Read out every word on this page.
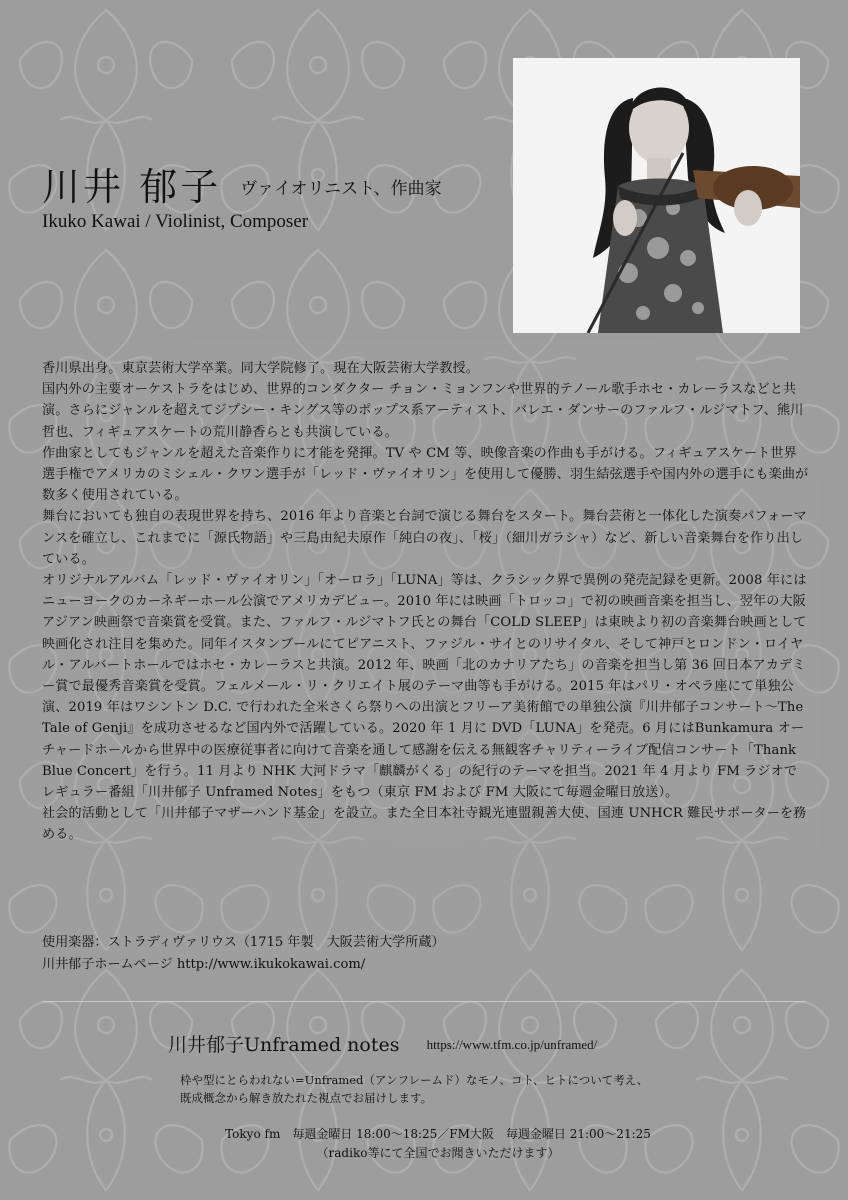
川井 郁子 ヴァイオリニスト、作曲家
Ikuko Kawai / Violinist, Composer

香川県出身。東京芸術大学卒業。同大学院修了。現在大阪芸術大学教授。

国内外の主要オーケストラをはじめ、世界的コンダクター チョン・ミョンフンや世界的テノール歌手ホセ・カレーラスなどと共演。さらにジャンルを超えてジプシー・キングス等のポップス系アーティスト、バレエ・ダンサーのファルフ・ルジマトフ、熊川哲也、フィギュアスケートの荒川静香らとも共演している。

作曲家としてもジャンルを超えた音楽作りに才能を発揮。TV や CM 等、映像音楽の作曲も手がける。フィギュアスケート世界選手権でアメリカのミシェル・クワン選手が「レッド・ヴァイオリン」を使用して優勝、羽生結弦選手や国内外の選手にも楽曲が数多く使用されている。

舞台においても独自の表現世界を持ち、2016 年より音楽と台詞で演じる舞台をスタート。舞台芸術と一体化した演奏パフォーマンスを確立し、これまでに「源氏物語」や三島由紀夫原作「純白の夜」、「桜」（細川ガラシャ）など、新しい音楽舞台を作り出している。

オリジナルアルバム「レッド・ヴァイオリン」「オーロラ」「LUNA」等は、クラシック界で異例の発売記録を更新。2008 年にはニューヨークのカーネギーホール公演でアメリカデビュー。2010 年には映画「トロッコ」で初の映画音楽を担当し、翌年の大阪アジアン映画祭で音楽賞を受賞。また、ファルフ・ルジマトフ氏との舞台「COLD SLEEP」は東映より初の音楽舞台映画として映画化され注目を集めた。同年イスタンブールにてピアニスト、ファジル・サイとのリサイタル、そして神戸とロンドン・ロイヤル・アルバートホールではホセ・カレーラスと共演。2012 年、映画「北のカナリアたち」の音楽を担当し第 36 回日本アカデミー賞で最優秀音楽賞を受賞。フェルメール・リ・クリエイト展のテーマ曲等も手がける。2015 年はパリ・オペラ座にて単独公演、2019 年はワシントン D.C. で行われた全米さくら祭りへの出演とフリーア美術館での単独公演『川井郁子コンサート～The Tale of Genji』を成功させるなど国内外で活躍している。2020 年 1 月に DVD「LUNA」を発売。6 月にはBunkamura オーチャードホールから世界中の医療従事者に向けて音楽を通して感謝を伝える無観客チャリティーライブ配信コンサート「Thank Blue Concert」を行う。11 月より NHK 大河ドラマ「麒麟がくる」の紀行のテーマを担当。2021 年 4 月より FM ラジオでレギュラー番組「川井郁子 Unframed Notes」をもつ（東京 FM および FM 大阪にて毎週金曜日放送）。

社会的活動として「川井郁子マザーハンド基金」を設立。また全日本社寺観光連盟親善大使、国連 UNHCR 難民サポーターを務める。

使用楽器：ストラディヴァリウス（1715 年製　大阪芸術大学所蔵）
川井郁子ホームページ http://www.ikukokawai.com/
川井郁子Unframed notes https://www.tfm.co.jp/unframed/
枠や型にとらわれない=Unframed（アンフレームド）なモノ、コト、ヒトについて考え、
既成概念から解き放たれた視点でお届けします。
Tokyo fm　毎週金曜日 18:00～18:25／FM大阪　毎週金曜日 21:00～21:25
（radiko等にて全国でお聞きいただけます）
